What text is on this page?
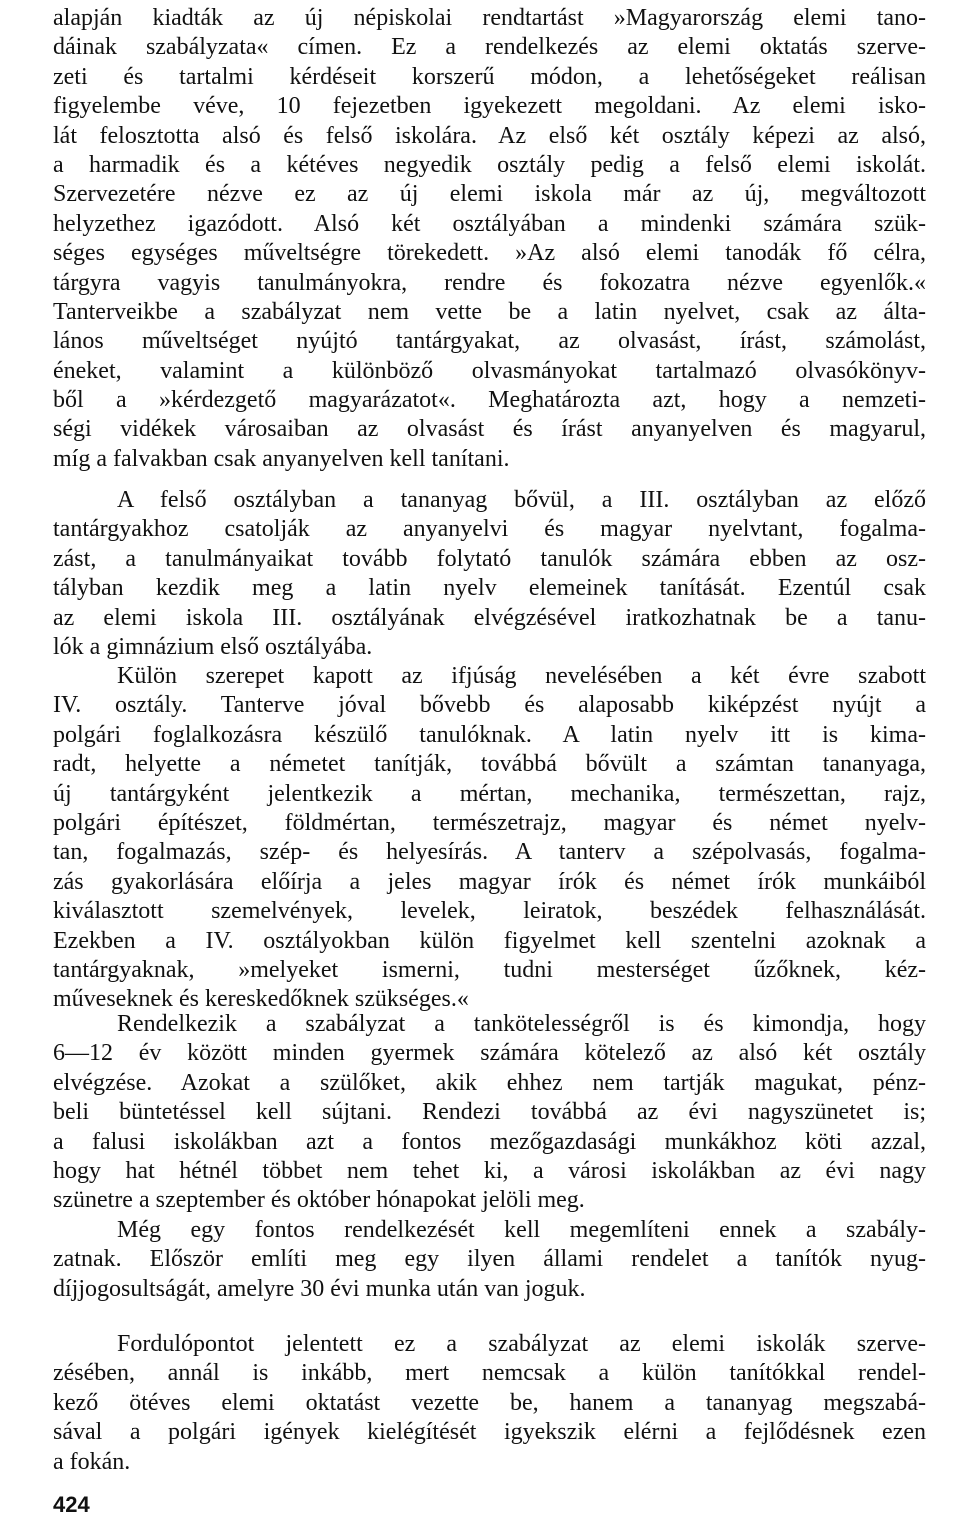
alapján kiadták az új népiskolai rendtartást »Magyarország elemi tano-
dáinak szabályzata« címen. Ez a rendelkezés az elemi oktatás szerve-
zeti és tartalmi kérdéseit korszerű módon, a lehetőségeket reálisan
figyelembe véve, 10 fejezetben igyekezett megoldani. Az elemi isko-
lát felosztotta alsó és felső iskolára. Az első két osztály képezi az alsó,
a harmadik és a kétéves negyedik osztály pedig a felső elemi iskolát.
Szervezetére nézve ez az új elemi iskola már az új, megváltozott
helyzethez igazódott. Alsó két osztályában a mindenki számára szük-
séges egységes műveltségre törekedett. »Az alsó elemi tanodák fő célra,
tárgyra vagyis tanulmányokra, rendre és fokozatra nézve egyenlők.«
Tanterveikbe a szabályzat nem vette be a latin nyelvet, csak az álta-
lános műveltséget nyújtó tantárgyakat, az olvasást, írást, számolást,
éneket, valamint a különböző olvasmányokat tartalmazó olvasókönyv-
ből a »kérdezgető magyarázatot«. Meghatározta azt, hogy a nemzeti-
ségi vidékek városaiban az olvasást és írást anyanyelven és magyarul,
míg a falvakban csak anyanyelven kell tanítani.
A felső osztályban a tananyag bővül, a III. osztályban az előző
tantárgyakhoz csatolják az anyanyelvi és magyar nyelvtant, fogalma-
zást, a tanulmányaikat tovább folytató tanulók számára ebben az osz-
tályban kezdik meg a latin nyelv elemeinek tanítását. Ezentúl csak
az elemi iskola III. osztályának elvégzésével iratkozhatnak be a tanu-
lók a gimnázium első osztályába.
Külön szerepet kapott az ifjúság nevelésében a két évre szabott
IV. osztály. Tanterve jóval bővebb és alaposabb kiképzést nyújt a
polgári foglalkozásra készülő tanulóknak. A latin nyelv itt is kima-
radt, helyette a németet tanítják, továbbá bővült a számtan tananyaga,
új tantárgyként jelentkezik a mértan, mechanika, természettan, rajz,
polgári építészet, földmértan, természetrajz, magyar és német nyelv-
tan, fogalmazás, szép- és helyesírás. A tanterv a szépolvasás, fogalma-
zás gyakorlására előírja a jeles magyar írók és német írók munkáiból
kiválasztott szemelvények, levelek, leiratok, beszédek felhasználását.
Ezekben a IV. osztályokban külön figyelmet kell szentelni azoknak a
tantárgyaknak, »melyeket ismerni, tudni mesterséget űzőknek, kéz-
műveseknek és kereskedőknek szükséges.«
Rendelkezik a szabályzat a tankötelességről is és kimondja, hogy
6—12 év között minden gyermek számára kötelező az alsó két osztály
elvégzése. Azokat a szülőket, akik ehhez nem tartják magukat, pénz-
beli büntetéssel kell sújtani. Rendezi továbbá az évi nagyszünetet is;
a falusi iskolákban azt a fontos mezőgazdasági munkákhoz köti azzal,
hogy hat hétnél többet nem tehet ki, a városi iskolákban az évi nagy
szünetre a szeptember és október hónapokat jelöli meg.
Még egy fontos rendelkezését kell megemlíteni ennek a szabály-
zatnak. Először említi meg egy ilyen állami rendelet a tanítók nyug-
díjjogosultságát, amelyre 30 évi munka után van joguk.
Fordulópontot jelentett ez a szabályzat az elemi iskolák szerve-
zésében, annál is inkább, mert nemcsak a külön tanítókkal rendel-
kező ötéves elemi oktatást vezette be, hanem a tananyag megszabá-
sával a polgári igények kielégítését igyekszik elérni a fejlődésnek ezen
a fokán.
424
